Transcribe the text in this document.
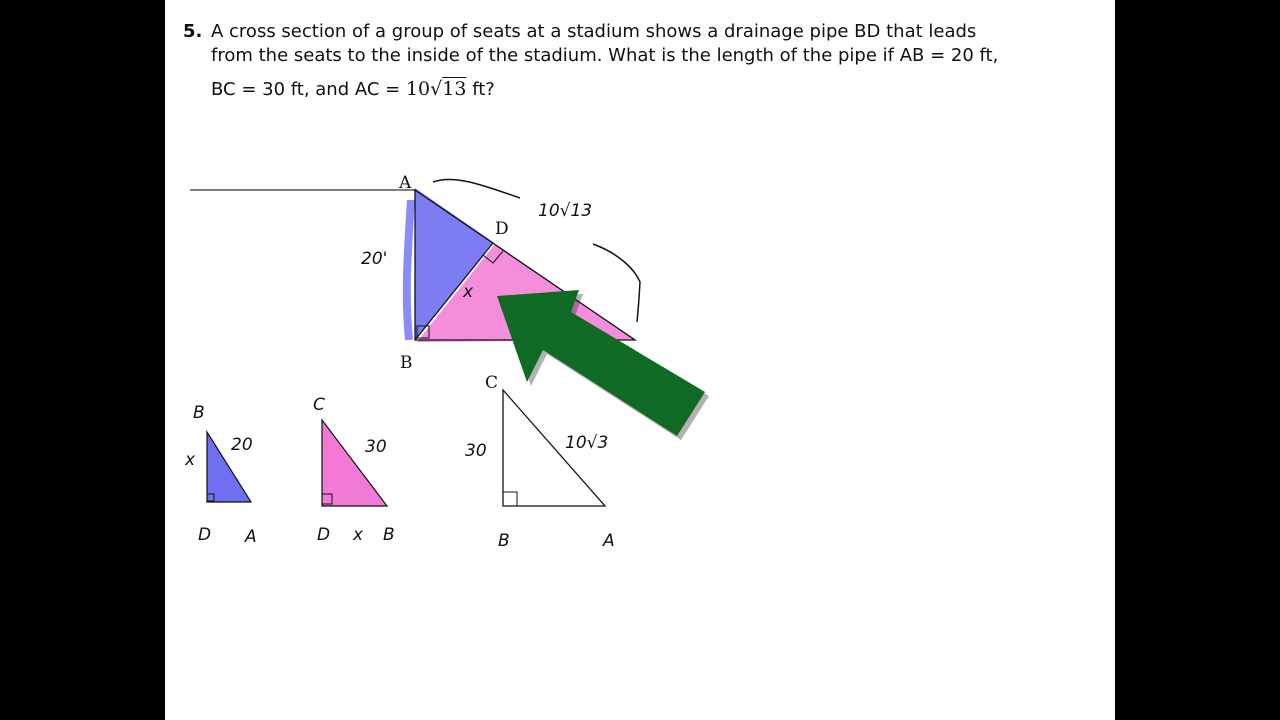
5. A cross section of a group of seats at a stadium shows a drainage pipe BD that leads
from the seats to the inside of the stadium. What is the length of the pipe if AB = 20 ft,
BC = 30 ft, and AC = 10√13 ft?
A
B
D
20'
x
10√13
C
B
x
20
D A
C
30
D x B
30	10√3
B	A
